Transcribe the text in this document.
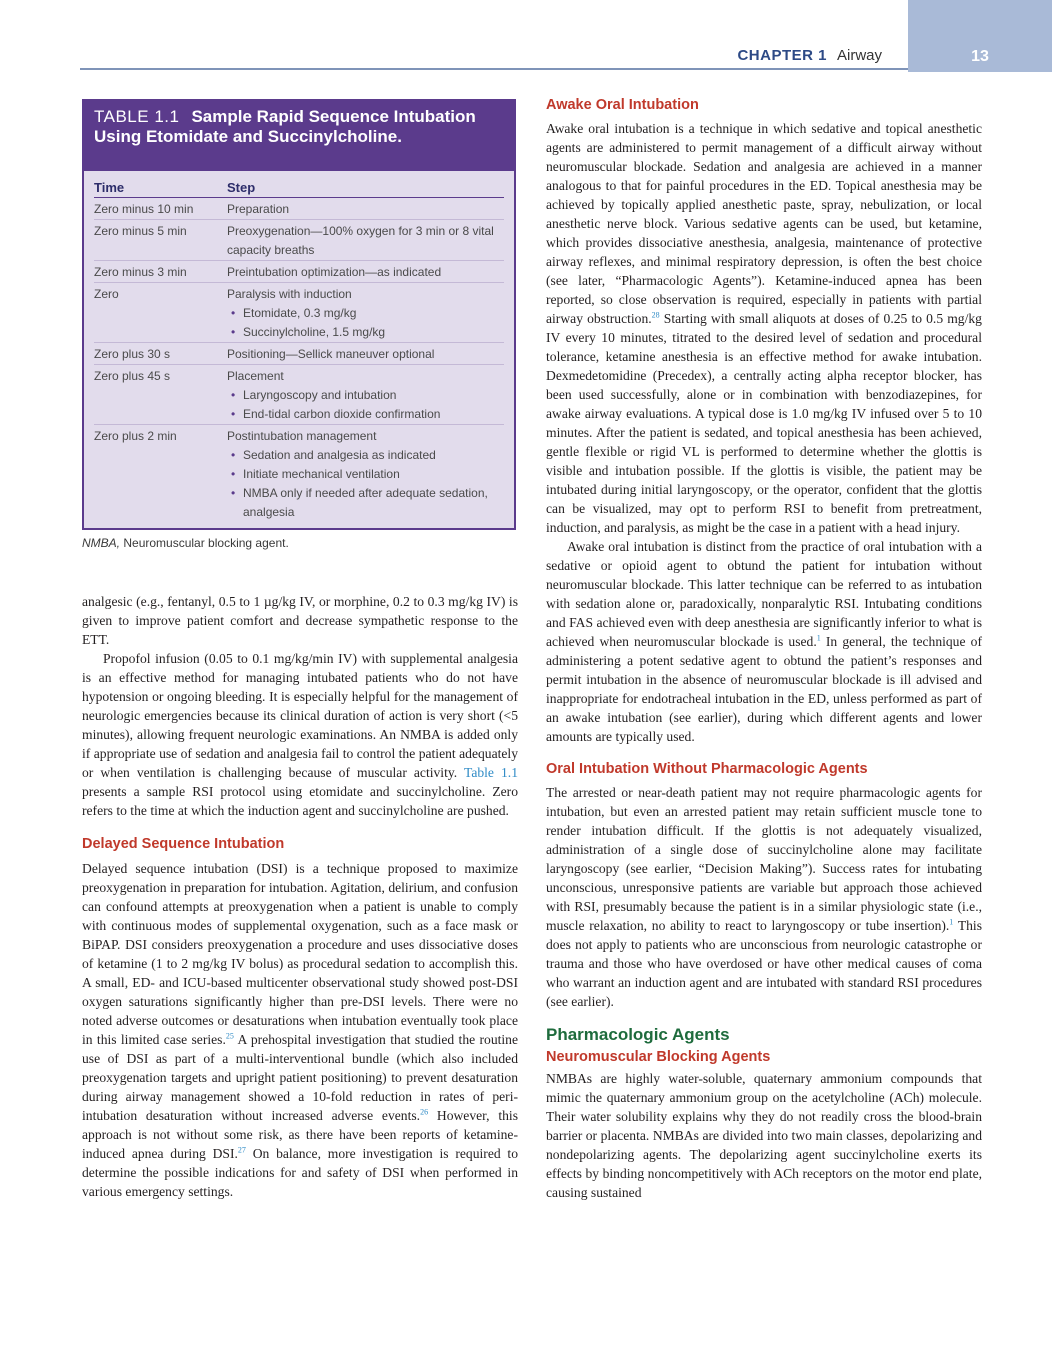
CHAPTER 1 Airway	13
TABLE 1.1 Sample Rapid Sequence Intubation Using Etomidate and Succinylcholine.
Time	Step
Zero minus 10 min	Preparation
Zero minus 5 min	Preoxygenation—100% oxygen for 3 min or 8 vital capacity breaths
Zero minus 3 min	Preintubation optimization—as indicated
Zero	Paralysis with induction
• Etomidate, 0.3 mg/kg
• Succinylcholine, 1.5 mg/kg
Zero plus 30 s	Positioning—Sellick maneuver optional
Zero plus 45 s	Placement
• Laryngoscopy and intubation
• End-tidal carbon dioxide confirmation
Zero plus 2 min	Postintubation management
• Sedation and analgesia as indicated
• Initiate mechanical ventilation
• NMBA only if needed after adequate sedation, analgesia
NMBA, Neuromuscular blocking agent.

analgesic (e.g., fentanyl, 0.5 to 1 µg/kg IV, or morphine, 0.2 to 0.3 mg/kg IV) is given to improve patient comfort and decrease sympathetic response to the ETT.

Propofol infusion (0.05 to 0.1 mg/kg/min IV) with supplemental analgesia is an effective method for managing intubated patients who do not have hypotension or ongoing bleeding. It is especially helpful for the management of neurologic emergencies because its clinical duration of action is very short (<5 minutes), allowing frequent neurologic examinations. An NMBA is added only if appropriate use of sedation and analgesia fail to control the patient adequately or when ventilation is challenging because of muscular activity. Table 1.1 presents a sample RSI protocol using etomidate and succinylcholine. Zero refers to the time at which the induction agent and succinylcholine are pushed.

Delayed Sequence Intubation

Delayed sequence intubation (DSI) is a technique proposed to maximize preoxygenation in preparation for intubation. Agitation, delirium, and confusion can confound attempts at preoxygenation when a patient is unable to comply with continuous modes of supplemental oxygenation, such as a face mask or BiPAP. DSI considers preoxygenation a procedure and uses dissociative doses of ketamine (1 to 2 mg/kg IV bolus) as procedural sedation to accomplish this. A small, ED- and ICU-based multicenter observational study showed post-DSI oxygen saturations significantly higher than pre-DSI levels. There were no noted adverse outcomes or desaturations when intubation eventually took place in this limited case series.$^{25}$ A prehospital investigation that studied the routine use of DSI as part of a multi-interventional bundle (which also included preoxygenation targets and upright patient positioning) to prevent desaturation during airway management showed a 10-fold reduction in rates of peri-intubation desaturation without increased adverse events.$^{26}$ However, this approach is not without some risk, as there have been reports of ketamine-induced apnea during DSI.$^{27}$ On balance, more investigation is required to determine the possible indications for and safety of DSI when performed in various emergency settings.

Awake Oral Intubation

Awake oral intubation is a technique in which sedative and topical anesthetic agents are administered to permit management of a difficult airway without neuromuscular blockade. Sedation and analgesia are achieved in a manner analogous to that for painful procedures in the ED. Topical anesthesia may be achieved by topically applied anesthetic paste, spray, nebulization, or local anesthetic nerve block. Various sedative agents can be used, but ketamine, which provides dissociative anesthesia, analgesia, maintenance of protective airway reflexes, and minimal respiratory depression, is often the best choice (see later, “Pharmacologic Agents”). Ketamine-induced apnea has been reported, so close observation is required, especially in patients with partial airway obstruction.$^{28}$ Starting with small aliquots at doses of 0.25 to 0.5 mg/kg IV every 10 minutes, titrated to the desired level of sedation and procedural tolerance, ketamine anesthesia is an effective method for awake intubation. Dexmedetomidine (Precedex), a centrally acting alpha receptor blocker, has been used successfully, alone or in combination with benzodiazepines, for awake airway evaluations. A typical dose is 1.0 mg/kg IV infused over 5 to 10 minutes. After the patient is sedated, and topical anesthesia has been achieved, gentle flexible or rigid VL is performed to determine whether the glottis is visible and intubation possible. If the glottis is visible, the patient may be intubated during initial laryngoscopy, or the operator, confident that the glottis can be visualized, may opt to perform RSI to benefit from pretreatment, induction, and paralysis, as might be the case in a patient with a head injury.

Awake oral intubation is distinct from the practice of oral intubation with a sedative or opioid agent to obtund the patient for intubation without neuromuscular blockade. This latter technique can be referred to as intubation with sedation alone or, paradoxically, nonparalytic RSI. Intubating conditions and FAS achieved even with deep anesthesia are significantly inferior to what is achieved when neuromuscular blockade is used.$^1$ In general, the technique of administering a potent sedative agent to obtund the patient’s responses and permit intubation in the absence of neuromuscular blockade is ill advised and inappropriate for endotracheal intubation in the ED, unless performed as part of an awake intubation (see earlier), during which different agents and lower amounts are typically used.

Oral Intubation Without Pharmacologic Agents

The arrested or near-death patient may not require pharmacologic agents for intubation, but even an arrested patient may retain sufficient muscle tone to render intubation difficult. If the glottis is not adequately visualized, administration of a single dose of succinylcholine alone may facilitate laryngoscopy (see earlier, “Decision Making”). Success rates for intubating unconscious, unresponsive patients are variable but approach those achieved with RSI, presumably because the patient is in a similar physiologic state (i.e., muscle relaxation, no ability to react to laryngoscopy or tube insertion).$^1$ This does not apply to patients who are unconscious from neurologic catastrophe or trauma and those who have overdosed or have other medical causes of coma who warrant an induction agent and are intubated with standard RSI procedures (see earlier).

Pharmacologic Agents
Neuromuscular Blocking Agents

NMBAs are highly water-soluble, quaternary ammonium compounds that mimic the quaternary ammonium group on the acetylcholine (ACh) molecule. Their water solubility explains why they do not readily cross the blood-brain barrier or placenta. NMBAs are divided into two main classes, depolarizing and nondepolarizing agents. The depolarizing agent succinylcholine exerts its effects by binding noncompetitively with ACh receptors on the motor end plate, causing sustained
